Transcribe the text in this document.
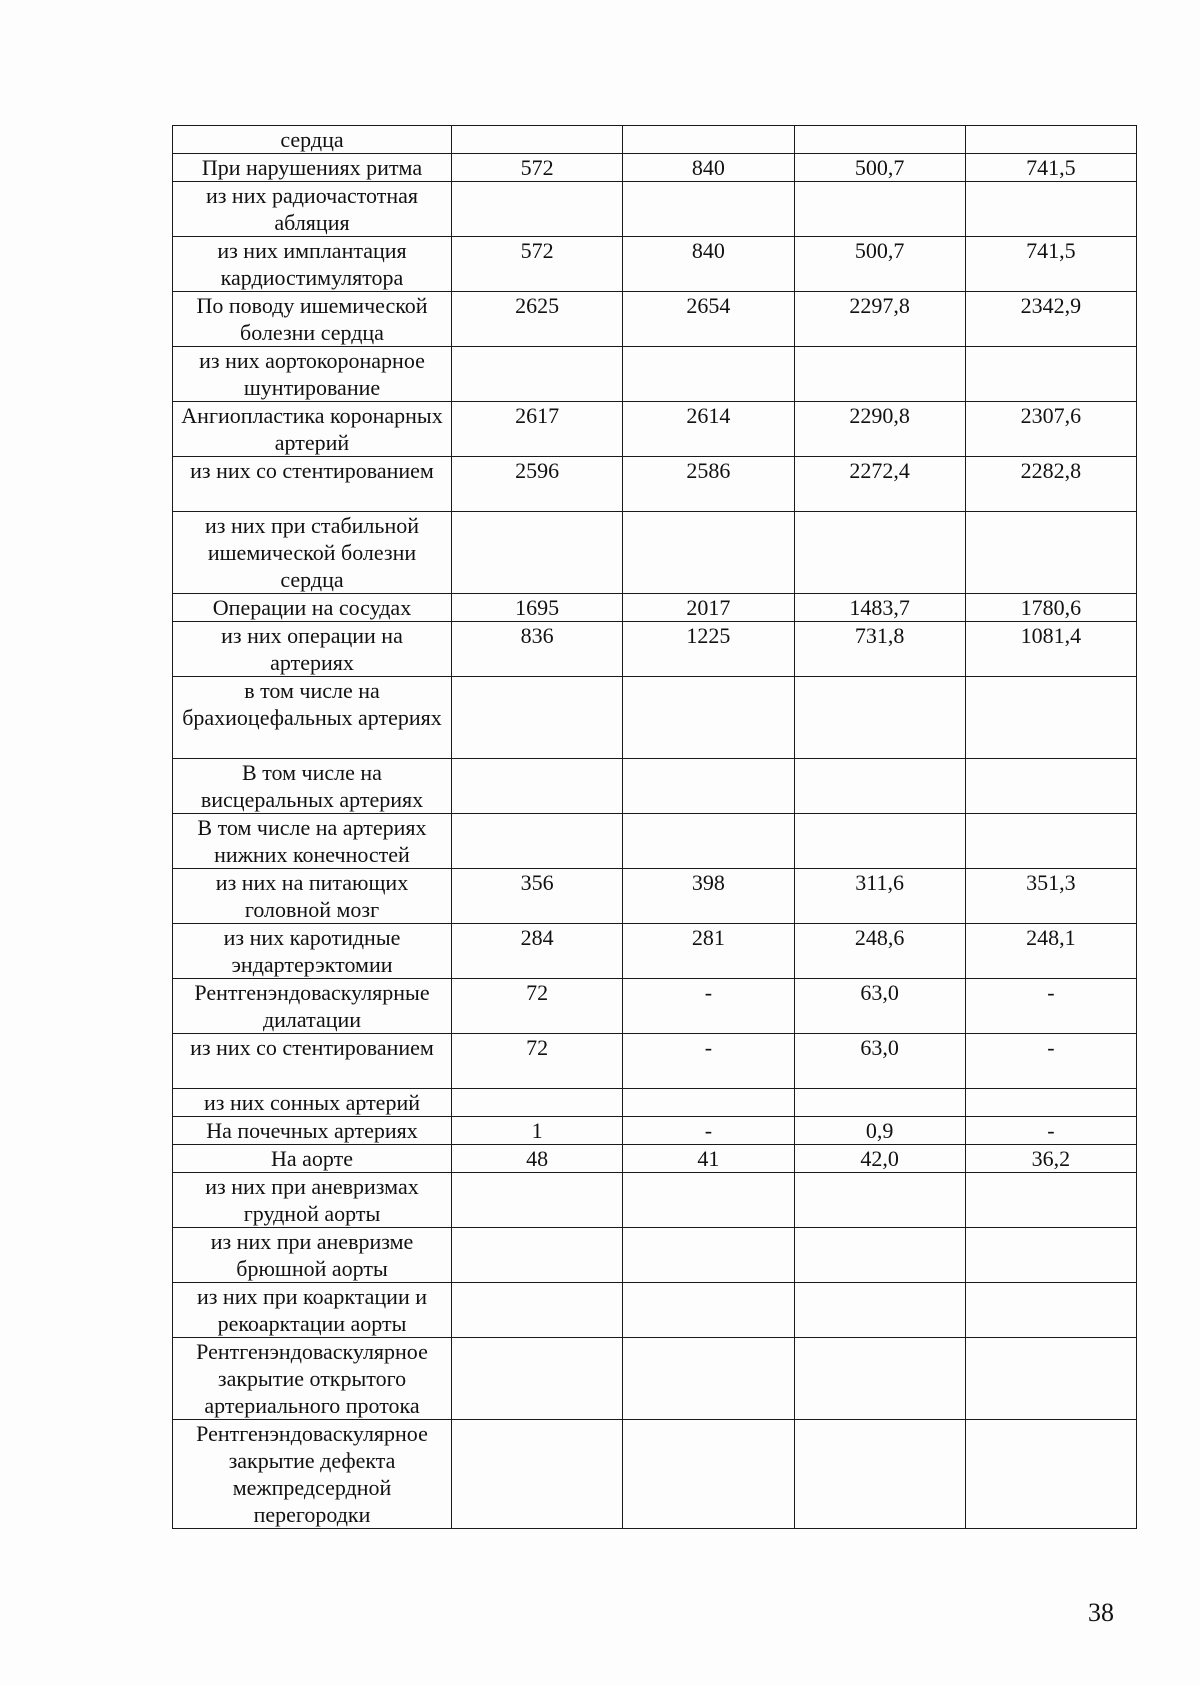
сердца				
При нарушениях ритма	572	840	500,7	741,5
из них радиочастотная абляция				
из них имплантация кардиостимулятора	572	840	500,7	741,5
По поводу ишемической болезни сердца	2625	2654	2297,8	2342,9
из них аортокоронарное шунтирование				
Ангиопластика коронарных артерий	2617	2614	2290,8	2307,6
из них со стентированием	2596	2586	2272,4	2282,8
из них при стабильной ишемической болезни сердца				
Операции на сосудах	1695	2017	1483,7	1780,6
из них операции на артериях	836	1225	731,8	1081,4
в том числе на брахиоцефальных артериях				
В том числе на висцеральных артериях				
В том числе на артериях нижних конечностей				
из них на питающих головной мозг	356	398	311,6	351,3
из них каротидные эндартерэктомии	284	281	248,6	248,1
Рентгенэндоваскулярные дилатации	72	-	63,0	-
из них со стентированием	72	-	63,0	-
из них сонных артерий				
На почечных артериях	1	-	0,9	-
На аорте	48	41	42,0	36,2
из них при аневризмах грудной аорты				
из них при аневризме брюшной аорты				
из них при коарктации и рекоарктации аорты				
Рентгенэндоваскулярное закрытие открытого артериального протока				
Рентгенэндоваскулярное закрытие дефекта межпредсердной перегородки				
38
